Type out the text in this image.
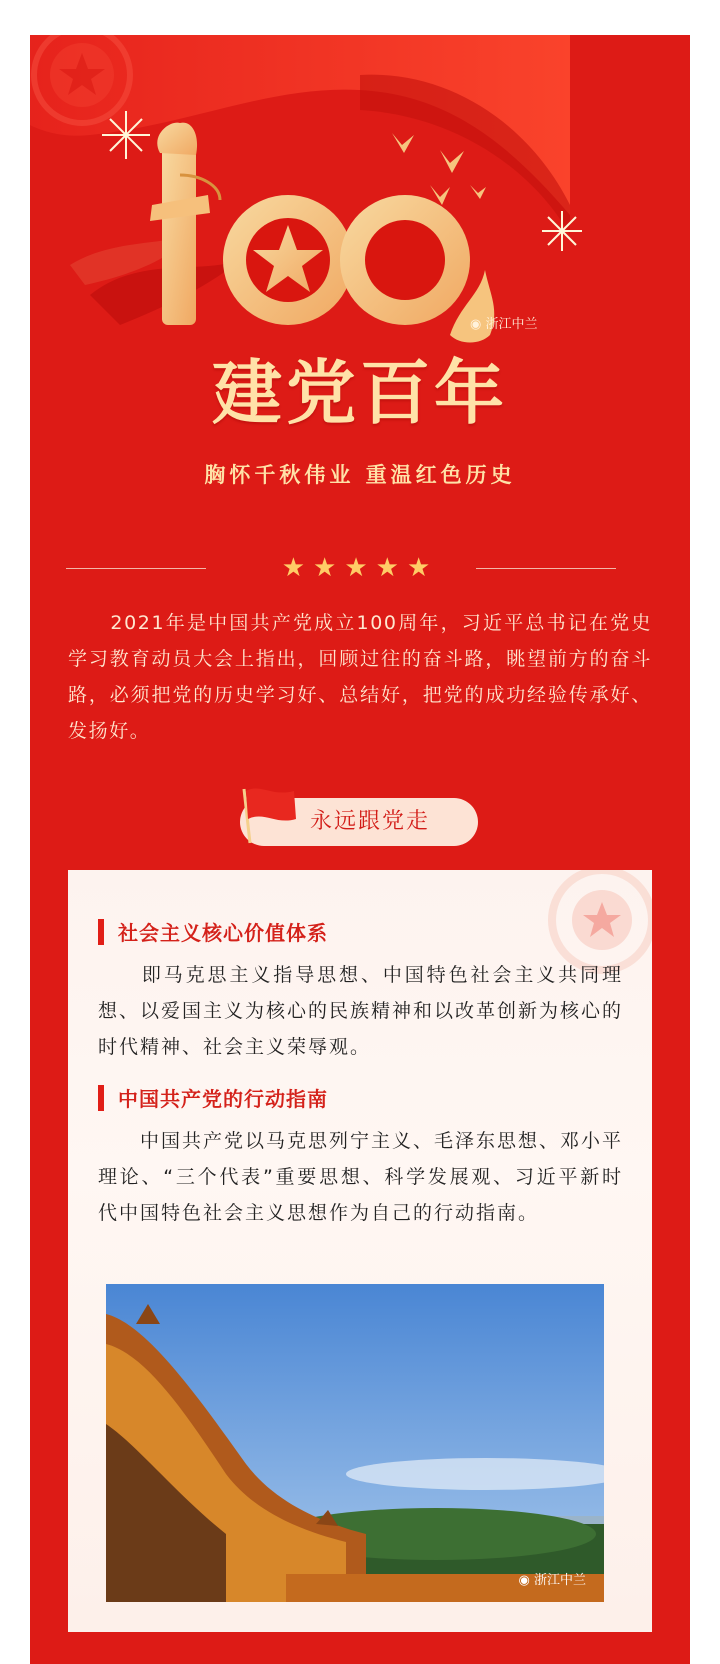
◉ 浙江中兰
建党百年
胸怀千秋伟业 重温红色历史
★★★★★
　　2021年是中国共产党成立100周年，习近平总书记在党史学习教育动员大会上指出，回顾过往的奋斗路，眺望前方的奋斗路，必须把党的历史学习好、总结好，把党的成功经验传承好、发扬好。
永远跟党走
社会主义核心价值体系
　　即马克思主义指导思想、中国特色社会主义共同理想、以爱国主义为核心的民族精神和以改革创新为核心的时代精神、社会主义荣辱观。
中国共产党的行动指南
　　中国共产党以马克思列宁主义、毛泽东思想、邓小平理论、“三个代表”重要思想、科学发展观、习近平新时代中国特色社会主义思想作为自己的行动指南。
◉ 浙江中兰
